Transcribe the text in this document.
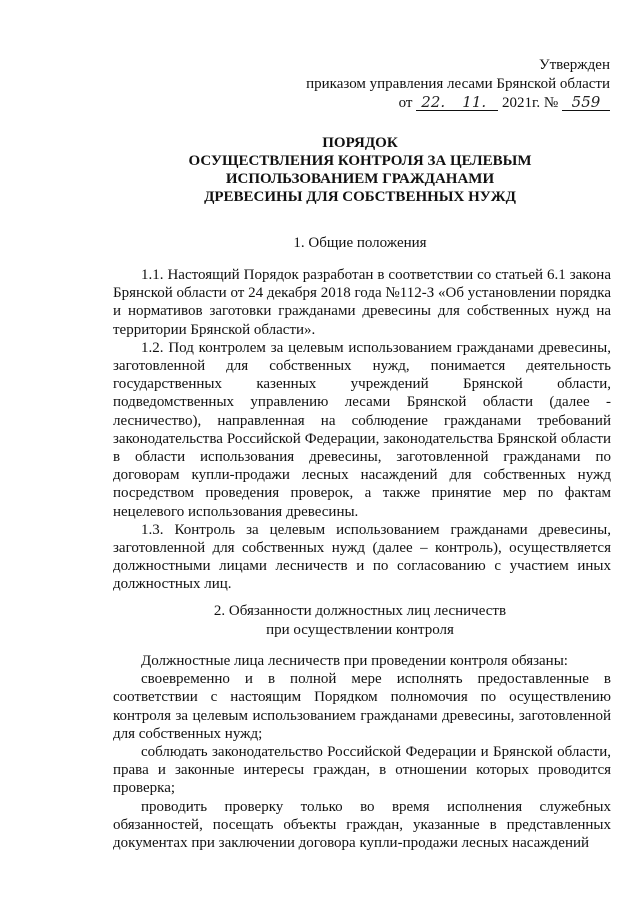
Утвержден
приказом управления лесами Брянской области
от 22. 11. 2021г. № 559
ПОРЯДОК
ОСУЩЕСТВЛЕНИЯ КОНТРОЛЯ ЗА ЦЕЛЕВЫМ
ИСПОЛЬЗОВАНИЕМ ГРАЖДАНАМИ
ДРЕВЕСИНЫ ДЛЯ СОБСТВЕННЫХ НУЖД
1. Общие положения

1.1. Настоящий Порядок разработан в соответствии со статьей 6.1 закона Брянской области от 24 декабря 2018 года №112-З «Об установлении порядка и нормативов заготовки гражданами древесины для собственных нужд на территории Брянской области».

1.2. Под контролем за целевым использованием гражданами древесины, заготовленной для собственных нужд, понимается деятельность государственных казенных учреждений Брянской области, подведомственных управлению лесами Брянской области (далее - лесничество), направленная на соблюдение гражданами требований законодательства Российской Федерации, законодательства Брянской области в области использования древесины, заготовленной гражданами по договорам купли-продажи лесных насаждений для собственных нужд посредством проведения проверок, а также принятие мер по фактам нецелевого использования древесины.

1.3. Контроль за целевым использованием гражданами древесины, заготовленной для собственных нужд (далее – контроль), осуществляется должностными лицами лесничеств и по согласованию с участием иных должностных лиц.

2. Обязанности должностных лиц лесничеств
при осуществлении контроля

Должностные лица лесничеств при проведении контроля обязаны:

своевременно и в полной мере исполнять предоставленные в соответствии с настоящим Порядком полномочия по осуществлению контроля за целевым использованием гражданами древесины, заготовленной для собственных нужд;

соблюдать законодательство Российской Федерации и Брянской области, права и законные интересы граждан, в отношении которых проводится проверка;

проводить проверку только во время исполнения служебных обязанностей, посещать объекты граждан, указанные в представленных документах при заключении договора купли-продажи лесных насаждений
